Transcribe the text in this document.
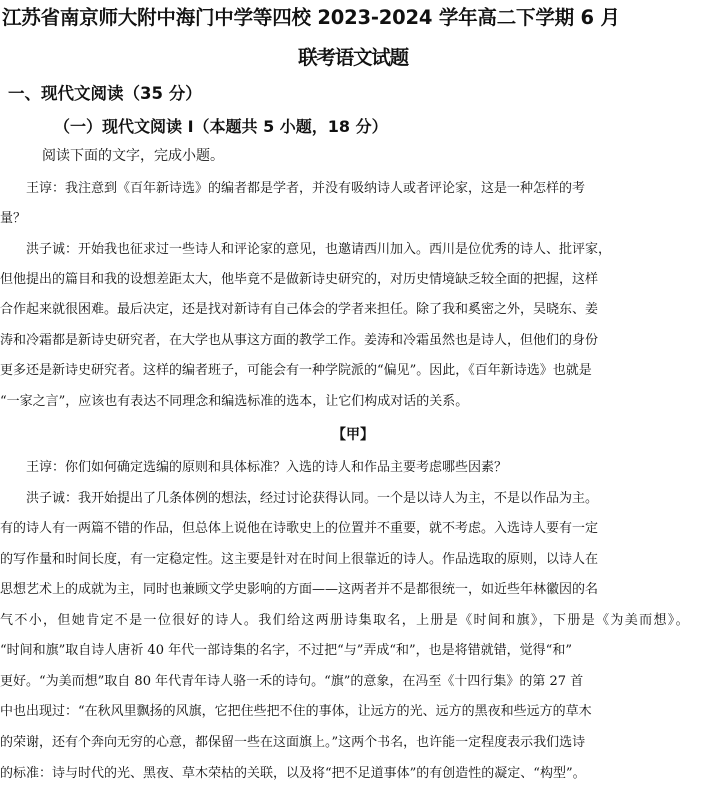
江苏省南京师大附中海门中学等四校 2023-2024 学年高二下学期 6 月
联考语文试题
一、现代文阅读（35 分）
（一）现代文阅读 I（本题共 5 小题，18 分）
阅读下面的文字，完成小题。
　　王谆：我注意到《百年新诗选》的编者都是学者，并没有吸纳诗人或者评论家，这是一种怎样的考
量？
　　洪子诚：开始我也征求过一些诗人和评论家的意见，也邀请西川加入。西川是位优秀的诗人、批评家，
但他提出的篇目和我的设想差距太大，他毕竟不是做新诗史研究的，对历史情境缺乏较全面的把握，这样
合作起来就很困难。最后决定，还是找对新诗有自己体会的学者来担任。除了我和奚密之外，吴晓东、姜
涛和冷霜都是新诗史研究者，在大学也从事这方面的教学工作。姜涛和冷霜虽然也是诗人，但他们的身份
更多还是新诗史研究者。这样的编者班子，可能会有一种学院派的“偏见”。因此，《百年新诗选》也就是
“一家之言”，应该也有表达不同理念和编选标准的选本，让它们构成对话的关系。
【甲】
　　王谆：你们如何确定选编的原则和具体标准？入选的诗人和作品主要考虑哪些因素？
　　洪子诚：我开始提出了几条体例的想法，经过讨论获得认同。一个是以诗人为主，不是以作品为主。
有的诗人有一两篇不错的作品，但总体上说他在诗歌史上的位置并不重要，就不考虑。入选诗人要有一定
的写作量和时间长度，有一定稳定性。这主要是针对在时间上很靠近的诗人。作品选取的原则，以诗人在
思想艺术上的成就为主，同时也兼顾文学史影响的方面——这两者并不是都很统一，如近些年林徽因的名
气不小，但她肯定不是一位很好的诗人。我们给这两册诗集取名，上册是《时间和旗》，下册是《为美而想》。
“时间和旗”取自诗人唐祈 40 年代一部诗集的名字，不过把“与”弄成“和”，也是将错就错，觉得“和”
更好。“为美而想”取自 80 年代青年诗人骆一禾的诗句。“旗”的意象，在冯至《十四行集》的第 27 首
中也出现过：“在秋风里飘扬的风旗，它把住些把不住的事体，让远方的光、远方的黑夜和些远方的草木
的荣谢，还有个奔向无穷的心意，都保留一些在这面旗上。”这两个书名，也许能一定程度表示我们选诗
的标准：诗与时代的光、黑夜、草木荣枯的关联，以及将“把不足道事体”的有创造性的凝定、“构型”。
